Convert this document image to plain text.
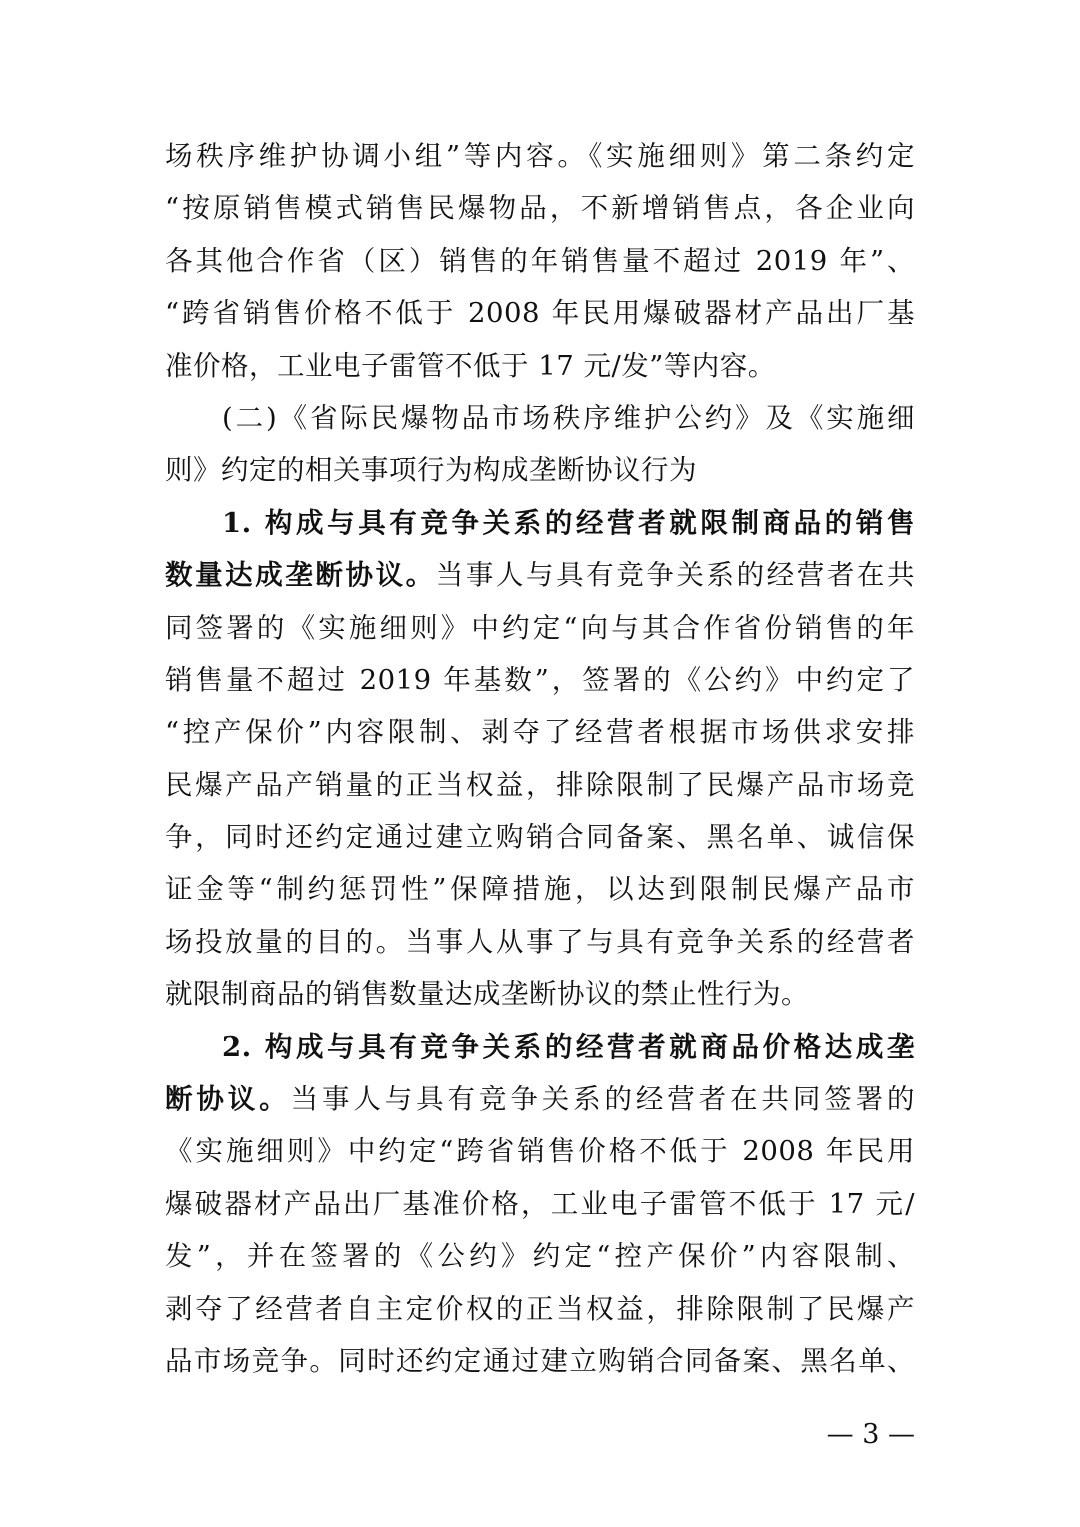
场秩序维护协调小组”等内容。《实施细则》第二条约定
“按原销售模式销售民爆物品，不新增销售点，各企业向
各其他合作省（区）销售的年销售量不超过 2019 年”、
“跨省销售价格不低于 2008 年民用爆破器材产品出厂基
准价格，工业电子雷管不低于 17 元/发”等内容。
(二)《省际民爆物品市场秩序维护公约》及《实施细
则》约定的相关事项行为构成垄断协议行为
1. 构成与具有竞争关系的经营者就限制商品的销售
数量达成垄断协议。当事人与具有竞争关系的经营者在共
同签署的《实施细则》中约定“向与其合作省份销售的年
销售量不超过 2019 年基数”，签署的《公约》中约定了
“控产保价”内容限制、剥夺了经营者根据市场供求安排
民爆产品产销量的正当权益，排除限制了民爆产品市场竞
争，同时还约定通过建立购销合同备案、黑名单、诚信保
证金等“制约惩罚性”保障措施，以达到限制民爆产品市
场投放量的目的。当事人从事了与具有竞争关系的经营者
就限制商品的销售数量达成垄断协议的禁止性行为。
2. 构成与具有竞争关系的经营者就商品价格达成垄
断协议。当事人与具有竞争关系的经营者在共同签署的
《实施细则》中约定“跨省销售价格不低于 2008 年民用
爆破器材产品出厂基准价格，工业电子雷管不低于 17 元/
发”，并在签署的《公约》约定“控产保价”内容限制、
剥夺了经营者自主定价权的正当权益，排除限制了民爆产
品市场竞争。同时还约定通过建立购销合同备案、黑名单、
— 3 —
